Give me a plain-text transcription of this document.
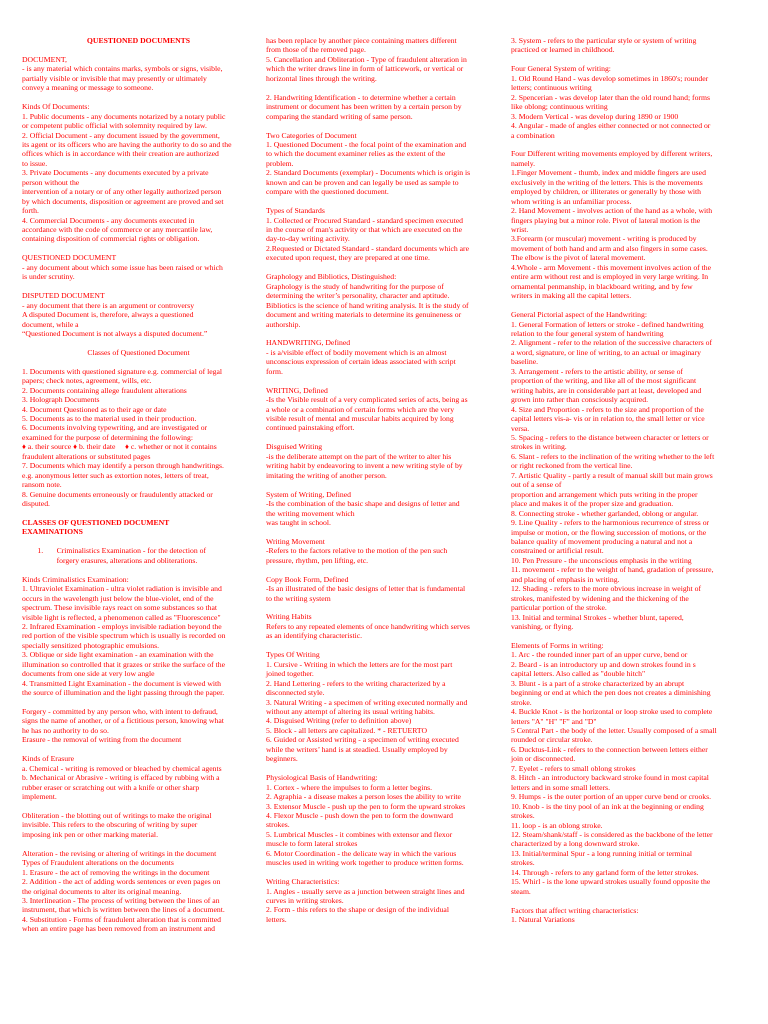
QUESTIONED DOCUMENTS
DOCUMENT,
- is any material which contains marks, symbols or signs, visible,
partially visible or invisible that may presently or ultimately
convey a meaning or message to someone.
Kinds Of Documents:
1. Public documents - any documents notarized by a notary public
or competent public official with solemnity required by law.
2. Official Document - any document issued by the government,
its agent or its officers who are having the authority to do so and the
offices which is in accordance with their creation are authorized
to issue.
3. Private Documents - any documents executed by a private
person without the
intervention of a notary or of any other legally authorized person
by which documents, disposition or agreement are proved and set
forth.
4. Commercial Documents - any documents executed in
accordance with the code of commerce or any mercantile law,
containing disposition of commercial rights or obligation.
QUESTIONED DOCUMENT
- any document about which some issue has been raised or which
is under scrutiny.
DISPUTED DOCUMENT
- any document that there is an argument or controversy
A disputed Document is, therefore, always a questioned
document, while a
“Questioned Document is not always a disputed document.”
Classes of Questioned Document
1. Documents with questioned signature e.g. commercial of legal
papers; check notes, agreement, wills, etc.
2. Documents containing allege fraudulent alterations
3. Holograph Documents
4. Document Questioned as to their age or date
5. Documents as to the material used in their production.
6. Documents involving typewriting, and are investigated or
examined for the purpose of determining the following:
♦ a. their source ♦ b. their date     ♦ c. whether or not it contains
fraudulent alterations or substituted pages
7. Documents which may identify a person through handwritings.
e.g. anonymous letter such as extortion notes, letters of treat,
ransom note.
8. Genuine documents erroneously or fraudulently attacked or
disputed.
CLASSES OF QUESTIONED DOCUMENT
EXAMINATIONS
1.       Criminalistics Examination - for the detection of
forgery erasures, alterations and obliterations.
Kinds Criminalistics Examination:
1. Ultraviolet Examination - ultra violet radiation is invisible and
occurs in the wavelength just below the blue-violet, end of the
spectrum. These invisible rays react on some substances so that
visible light is reflected, a phenomenon called as "Fluorescence"
2. Infrared Examination - employs invisible radiation beyond the
red portion of the visible spectrum which is usually is recorded on
specially sensitized photographic emulsions.
3. Oblique or side light examination - an examination with the
illumination so controlled that it grazes or strike the surface of the
documents from one side at very low angle
4. Transmitted Light Examination - the document is viewed with
the source of illumination and the light passing through the paper.
Forgery - committed by any person who, with intent to defraud,
signs the name of another, or of a fictitious person, knowing what
he has no authority to do so.
Erasure - the removal of writing from the document
Kinds of Erasure
a. Chemical - writing is removed or bleached by chemical agents
b. Mechanical or Abrasive - writing is effaced by rubbing with a
rubber eraser or scratching out with a knife or other sharp
implement.
Obliteration - the blotting out of writings to make the original
invisible. This refers to the obscuring of writing by super
imposing ink pen or other marking material.
Alteration - the revising or altering of writings in the document
Types of Fraudulent alterations on the documents
1. Erasure - the act of removing the writings in the document
2. Addition - the act of adding words sentences or even pages on
the original documents to alter its original meaning.
3. Interlineation - The process of writing between the lines of an
instrument, that which is written between the lines of a document.
4. Substitution - Forms of fraudulent alteration that is committed
when an entire page has been removed from an instrument and
has been replace by another piece containing matters different
from those of the removed page.
5. Cancellation and Obliteration - Type of fraudulent alteration in
which the writer draws line in form of latticework, or vertical or
horizontal lines through the writing.
2. Handwriting Identification - to determine whether a certain
instrument or document has been written by a certain person by
comparing the standard writing of same person.
Two Categories of Document
1. Questioned Document - the focal point of the examination and
to which the document examiner relies as the extent of the
problem.
2. Standard Documents (exemplar) - Documents which is origin is
known and can be proven and can legally be used as sample to
compare with the questioned document.
Types of Standards
1. Collected or Procured Standard - standard specimen executed
in the course of man's activity or that which are executed on the
day-to-day writing activity.
2.Requested or Dictated Standard - standard documents which are
executed upon request, they are prepared at one time.
Graphology and Bibliotics, Distinguished:
Graphology is the study of handwriting for the purpose of
determining the writer’s personality, character and aptitude.
Bibliotics is the science of hand writing analysis. It is the study of
document and writing materials to determine its genuineness or
authorship.
HANDWRITING, Defined
- is a/visible effect of bodily movement which is an almost
unconscious expression of certain ideas associated with script
form.
WRITING, Defined
-Is the Visible result of a very complicated series of acts, being as
a whole or a combination of certain forms which are the very
visible result of mental and muscular habits acquired by long
continued painstaking effort.
Disguised Writing
-is the deliberate attempt on the part of the writer to alter his
writing habit by endeavoring to invent a new writing style of by
imitating the writing of another person.
System of Writing, Defined
-Is the combination of the basic shape and designs of letter and
the writing movement which
was taught in school.
Writing Movement
-Refers to the factors relative to the motion of the pen such
pressure, rhythm, pen lifting, etc.
Copy Book Form, Defined
-Is an illustrated of the basic designs of letter that is fundamental
to the writing system
Writing Habits
Refers to any repeated elements of once handwriting which serves
as an identifying characteristic.
Types Of Writing
1. Cursive - Writing in which the letters are for the most part
joined together.
2. Hand Lettering - refers to the writing characterized by a
disconnected style.
3. Natural Writing - a specimen of writing executed normally and
without any attempt of altering its usual writing habits.
4. Disguised Writing (refer to definition above)
5. Block - all letters are capitalized. * - RETUERTO
6. Guided or Assisted writing - a specimen of writing executed
while the writers’ hand is at steadied. Usually employed by
beginners.
Physiological Basis of Handwriting:
1. Cortex - where the impulses to form a letter begins.
2. Agraphia - a disease makes a person loses the ability to write
3. Extensor Muscle - push up the pen to form the upward strokes
4. Flexor Muscle - push down the pen to form the downward
strokes.
5. Lumbrical Muscles - it combines with extensor and flexor
muscle to form lateral strokes
6. Motor Coordination - the delicate way in which the various
muscles used in writing work together to produce written forms.
Writing Characteristics:
1. Angles - usually serve as a junction between straight lines and
curves in writing strokes.
2. Form - this refers to the shape or design of the individual
letters.
3. System - refers to the particular style or system of writing
practiced or learned in childhood.
Four General System of writing:
1. Old Round Hand - was develop sometimes in 1860's; rounder
letters; continuous writing
2. Spencerian - was develop later than the old round hand; forms
like oblong; continuous writing
3. Modern Vertical - was develop during 1890 or 1900
4. Angular - made of angles either connected or not connected or
a combination
Four Different writing movements employed by different writers,
namely.
1.Finger Movement - thumb, index and middle fingers are used
exclusively in the writing of the letters. This is the movements
employed by children, or illiterates or generally by those with
whom writing is an unfamiliar process.
2. Hand Movement - involves action of the hand as a whole, with
fingers playing but a minor role. Pivot of lateral motion is the
wrist.
3.Forearm (or muscular) movement - writing is produced by
movement of both hand and arm and also fingers in some cases.
The elbow is the pivot of lateral movement.
4.Whole - arm Movement - this movement involves action of the
entire arm without rest and is employed in very large writing. In
ornamental penmanship, in blackboard writing, and by few
writers in making all the capital letters.
General Pictorial aspect of the Handwriting:
1. General Formation of letters or stroke - defined handwriting
relation to the four general system of handwriting
2. Alignment - refer to the relation of the successive characters of
a word, signature, or line of writing, to an actual or imaginary
baseline.
3. Arrangement - refers to the artistic ability, or sense of
proportion of the writing, and like all of the most significant
writing habits, are in considerable part at least, developed and
grown into rather than consciously acquired.
4. Size and Proportion - refers to the size and proportion of the
capital letters vis-a- vis or in relation to, the small letter or vice
versa.
5. Spacing - refers to the distance between character or letters or
strokes in writing.
6. Slant - refers to the inclination of the writing whether to the left
or right reckoned from the vertical line.
7. Artistic Quality - partly a result of manual skill but main grows
out of a sense of
proportion and arrangement which puts writing in the proper
place and makes it of the proper size and graduation.
8. Connecting stroke - whether garlanded, oblong or angular.
9. Line Quality - refers to the harmonious recurrence of stress or
impulse or motion, or the flowing succession of motions, or the
balance quality of movement producing a natural and not a
constrained or artificial result.
10. Pen Pressure - the unconscious emphasis in the writing
11. movement - refer to the weight of hand, gradation of pressure,
and placing of emphasis in writing.
12. Shading - refers to the more obvious increase in weight of
strokes, manifested by widening and the thickening of the
particular portion of the stroke.
13. Initial and terminal Strokes - whether blunt, tapered,
vanishing, or flying.
Elements of Forms in writing:
1. Arc - the rounded inner part of an upper curve, bend or
2. Beard - is an introductory up and down strokes found in s
capital letters. Also called as "double hitch"
3. Blunt - is a part of a stroke characterized by an abrupt
beginning or end at which the pen does not creates a diminishing
stroke.
4. Buckle Knot - is the horizontal or loop stroke used to complete
letters "A" "H" "F" and "D"
5 Central Part - the body of the letter. Usually composed of a small
rounded or circular stroke.
6. Ducktus-Link - refers to the connection between letters either
join or disconnected.
7. Eyelet - refers to small oblong strokes
8. Hitch - an introductory backward stroke found in most capital
letters and in some small letters.
9. Humps - is the outer portion of an upper curve bend or crooks.
10. Knob - is the tiny pool of an ink at the beginning or ending
strokes.
11. loop - is an oblong stroke.
12. Steam/shank/staff - is considered as the backbone of the letter
characterized by a long downward stroke.
13. Initial/terminal Spur - a long running initial or terminal
strokes.
14. Through - refers to any garland form of the letter strokes.
15. Whirl - is the lone upward strokes usually found opposite the
steam.
Factors that affect writing characteristics:
1. Natural Variations
